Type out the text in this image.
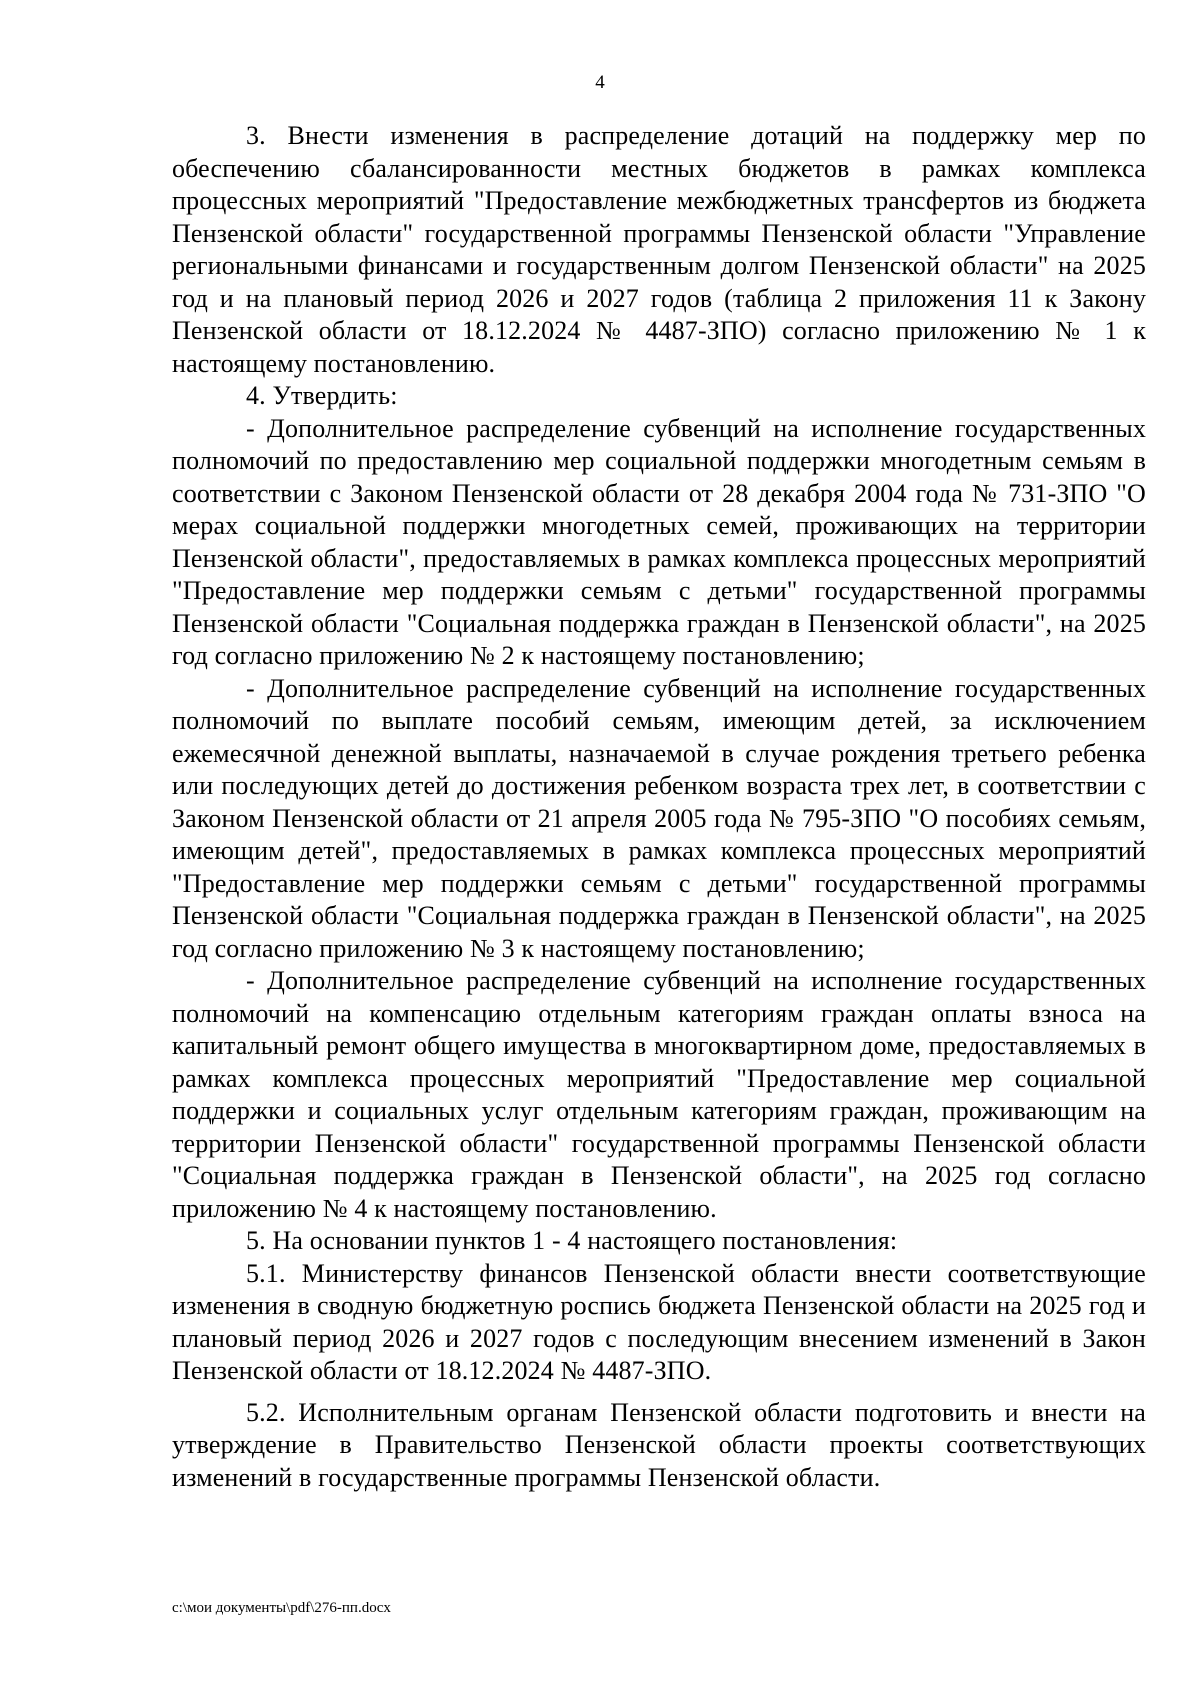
4

3. Внести изменения в распределение дотаций на поддержку мер по обеспечению сбалансированности местных бюджетов в рамках комплекса процессных мероприятий "Предоставление межбюджетных трансфертов из бюджета Пензенской области" государственной программы Пензенской области "Управление региональными финансами и государственным долгом Пензенской области" на 2025 год и на плановый период 2026 и 2027 годов (таблица 2 приложения 11 к Закону Пензенской области от 18.12.2024 № 4487-ЗПО) согласно приложению № 1 к настоящему постановлению.

4. Утвердить:

- Дополнительное распределение субвенций на исполнение государственных полномочий по предоставлению мер социальной поддержки многодетным семьям в соответствии с Законом Пензенской области от 28 декабря 2004 года № 731-ЗПО "О мерах социальной поддержки многодетных семей, проживающих на территории Пензенской области", предоставляемых в рамках комплекса процессных мероприятий "Предоставление мер поддержки семьям с детьми" государственной программы Пензенской области "Социальная поддержка граждан в Пензенской области", на 2025 год согласно приложению № 2 к настоящему постановлению;

- Дополнительное распределение субвенций на исполнение государственных полномочий по выплате пособий семьям, имеющим детей, за исключением ежемесячной денежной выплаты, назначаемой в случае рождения третьего ребенка или последующих детей до достижения ребенком возраста трех лет, в соответствии с Законом Пензенской области от 21 апреля 2005 года № 795-ЗПО "О пособиях семьям, имеющим детей", предоставляемых в рамках комплекса процессных мероприятий "Предоставление мер поддержки семьям с детьми" государственной программы Пензенской области "Социальная поддержка граждан в Пензенской области", на 2025 год согласно приложению № 3 к настоящему постановлению;

- Дополнительное распределение субвенций на исполнение государственных полномочий на компенсацию отдельным категориям граждан оплаты взноса на капитальный ремонт общего имущества в многоквартирном доме, предоставляемых в рамках комплекса процессных мероприятий "Предоставление мер социальной поддержки и социальных услуг отдельным категориям граждан, проживающим на территории Пензенской области" государственной программы Пензенской области "Социальная поддержка граждан в Пензенской области", на 2025 год согласно приложению № 4 к настоящему постановлению.

5. На основании пунктов 1 - 4 настоящего постановления:

5.1. Министерству финансов Пензенской области внести соответствующие изменения в сводную бюджетную роспись бюджета Пензенской области на 2025 год и плановый период 2026 и 2027 годов с последующим внесением изменений в Закон Пензенской области от 18.12.2024 № 4487-ЗПО.

5.2. Исполнительным органам Пензенской области подготовить и внести на утверждение в Правительство Пензенской области проекты соответствующих изменений в государственные программы Пензенской области.

c:\мои документы\pdf\276-пп.docx
